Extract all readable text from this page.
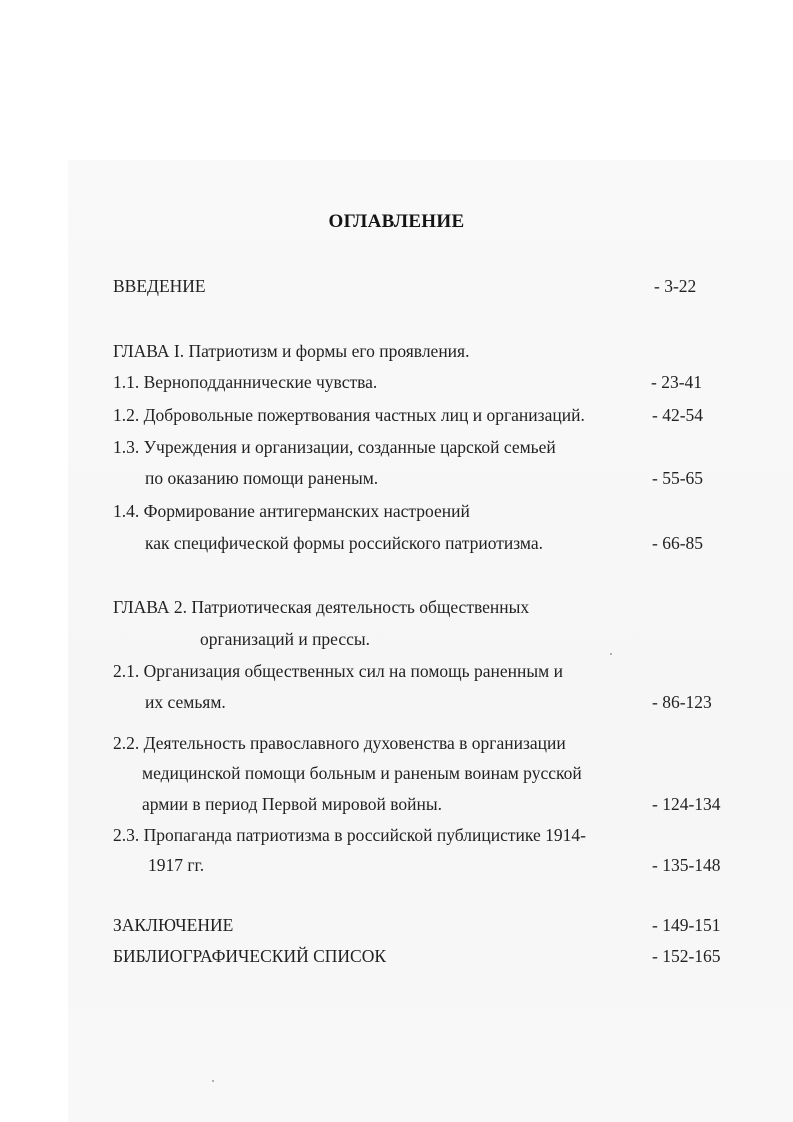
ОГЛАВЛЕНИЕ
ВВЕДЕНИЕ	- 3-22
ГЛАВА I. Патриотизм и формы его проявления.
1.1. Верноподданнические чувства.	- 23-41
1.2. Добровольные пожертвования частных лиц и организаций.	- 42-54
1.3. Учреждения и организации, созданные царской семьей
по оказанию помощи раненым.	- 55-65
1.4. Формирование антигерманских настроений
как специфической формы российского патриотизма.	- 66-85
ГЛАВА 2. Патриотическая деятельность общественных
организаций и прессы.
2.1. Организация общественных сил на помощь раненным и
их семьям.	- 86-123
2.2. Деятельность православного духовенства в организации
медицинской помощи больным и раненым воинам русской
армии в период Первой мировой войны.	- 124-134
2.3. Пропаганда патриотизма в российской публицистике 1914-
1917 гг.	- 135-148
ЗАКЛЮЧЕНИЕ	- 149-151
БИБЛИОГРАФИЧЕСКИЙ СПИСОК	- 152-165
